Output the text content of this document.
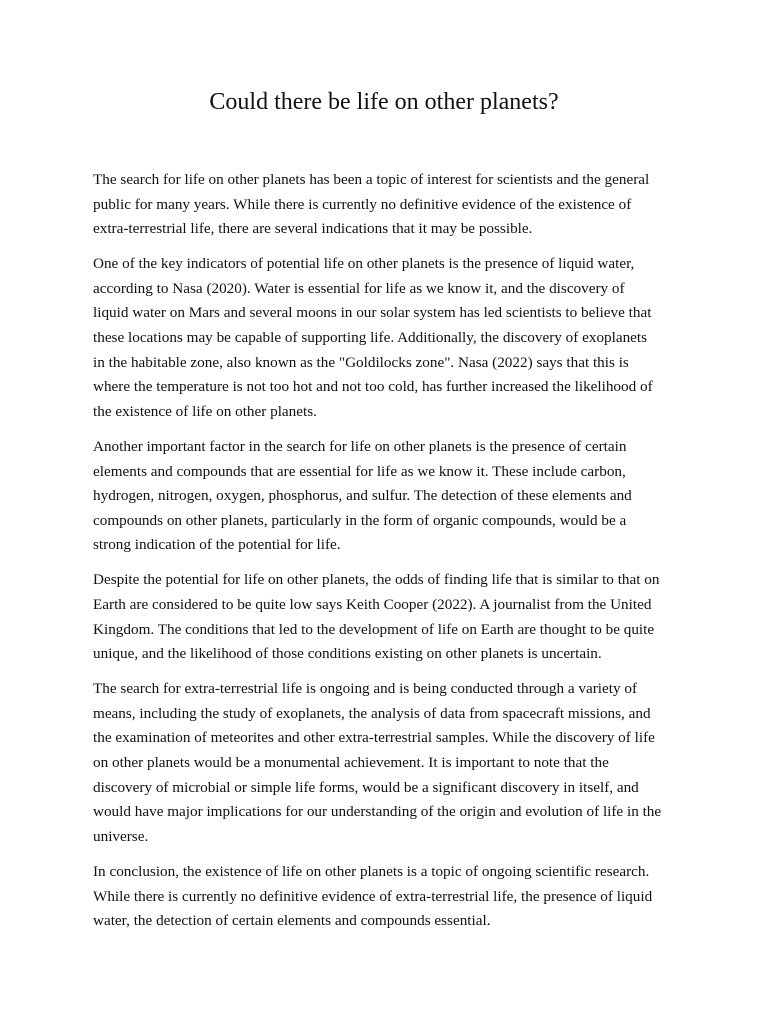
Could there be life on other planets?

The search for life on other planets has been a topic of interest for scientists and the general
public for many years. While there is currently no definitive evidence of the existence of
extra-terrestrial life, there are several indications that it may be possible.

One of the key indicators of potential life on other planets is the presence of liquid water,
according to Nasa (2020). Water is essential for life as we know it, and the discovery of
liquid water on Mars and several moons in our solar system has led scientists to believe that
these locations may be capable of supporting life. Additionally, the discovery of exoplanets
in the habitable zone, also known as the "Goldilocks zone". Nasa (2022) says that this is
where the temperature is not too hot and not too cold, has further increased the likelihood of
the existence of life on other planets.

Another important factor in the search for life on other planets is the presence of certain
elements and compounds that are essential for life as we know it. These include carbon,
hydrogen, nitrogen, oxygen, phosphorus, and sulfur. The detection of these elements and
compounds on other planets, particularly in the form of organic compounds, would be a
strong indication of the potential for life.

Despite the potential for life on other planets, the odds of finding life that is similar to that on
Earth are considered to be quite low says Keith Cooper (2022). A journalist from the United
Kingdom. The conditions that led to the development of life on Earth are thought to be quite
unique, and the likelihood of those conditions existing on other planets is uncertain.

The search for extra-terrestrial life is ongoing and is being conducted through a variety of
means, including the study of exoplanets, the analysis of data from spacecraft missions, and
the examination of meteorites and other extra-terrestrial samples. While the discovery of life
on other planets would be a monumental achievement. It is important to note that the
discovery of microbial or simple life forms, would be a significant discovery in itself, and
would have major implications for our understanding of the origin and evolution of life in the
universe.

In conclusion, the existence of life on other planets is a topic of ongoing scientific research.
While there is currently no definitive evidence of extra-terrestrial life, the presence of liquid
water, the detection of certain elements and compounds essential.
